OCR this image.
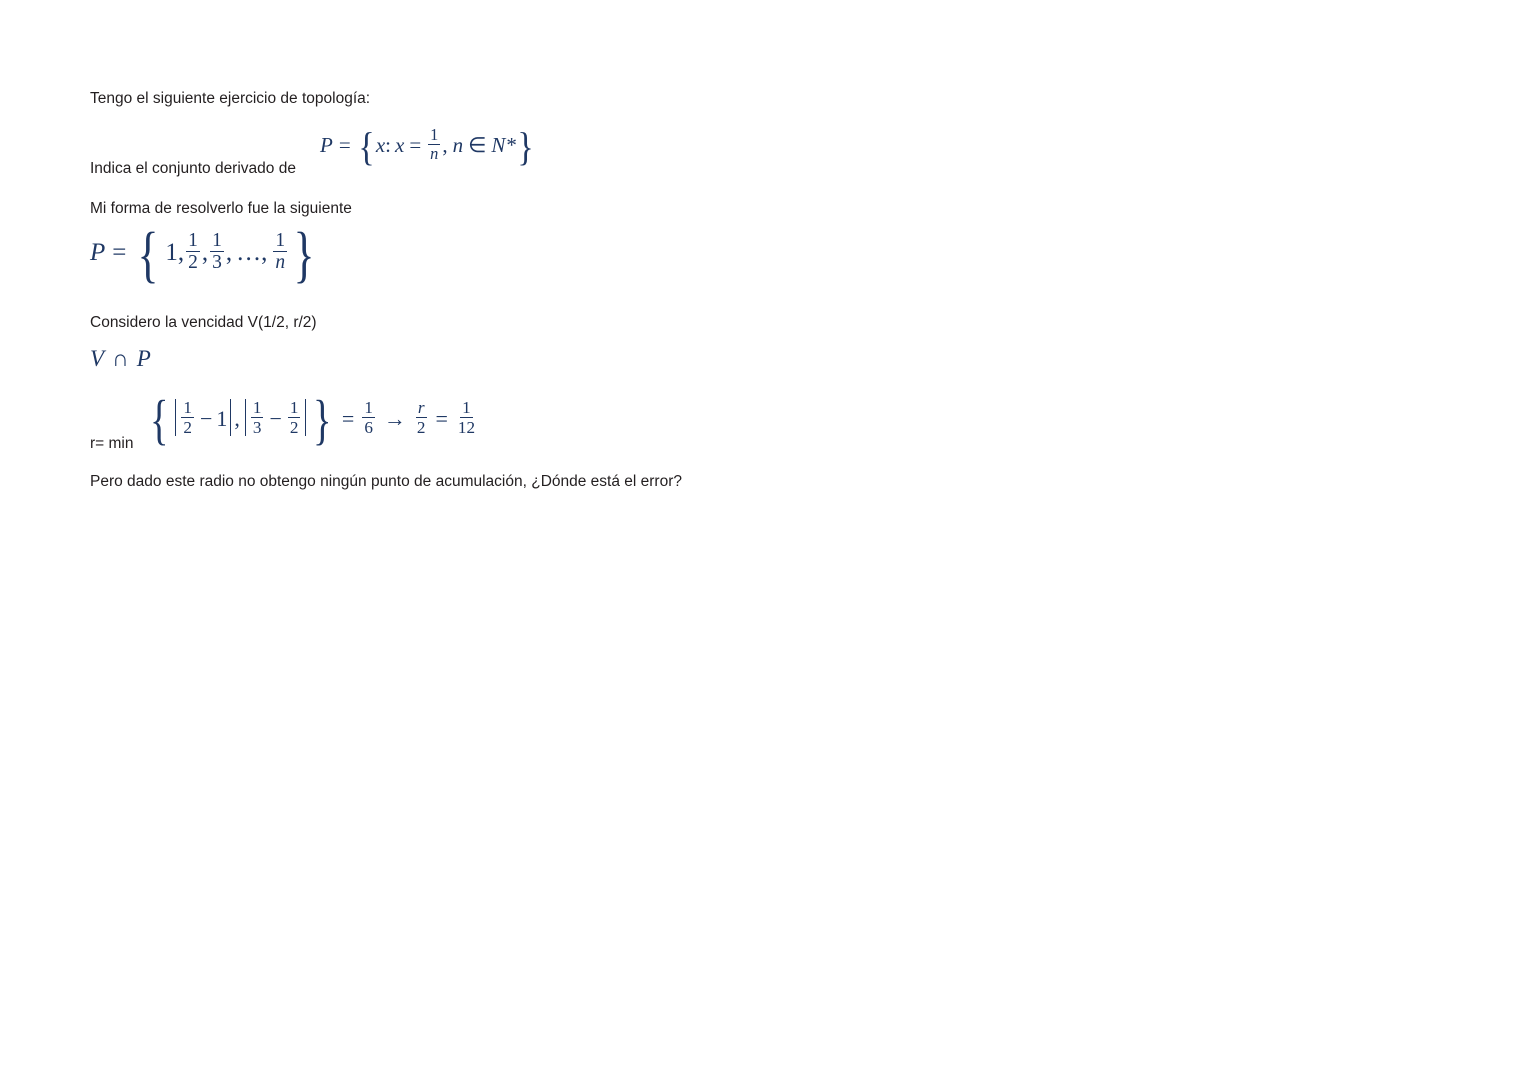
Tengo el siguiente ejercicio de topología:
P = { x : $x = \frac{1}{n}$ , n ∈ N* }
Indica el conjunto derivado de
Mi forma de resolverlo fue la siguiente
P = { 1, $\frac{1}{2}$ , $\frac{1}{3}$ , …, $\frac{1}{n}$ }
Considero la vencidad V(1/2, r/2)
V ∩ P
{ $\frac{1}{2} - 1$ , $\frac{1}{3} - \frac{1}{2}$ } = $\frac{1}{6} \to \frac{r}{2} = \frac{1}{12}$
r= min
Pero dado este radio no obtengo ningún punto de acumulación, ¿Dónde está el error?
